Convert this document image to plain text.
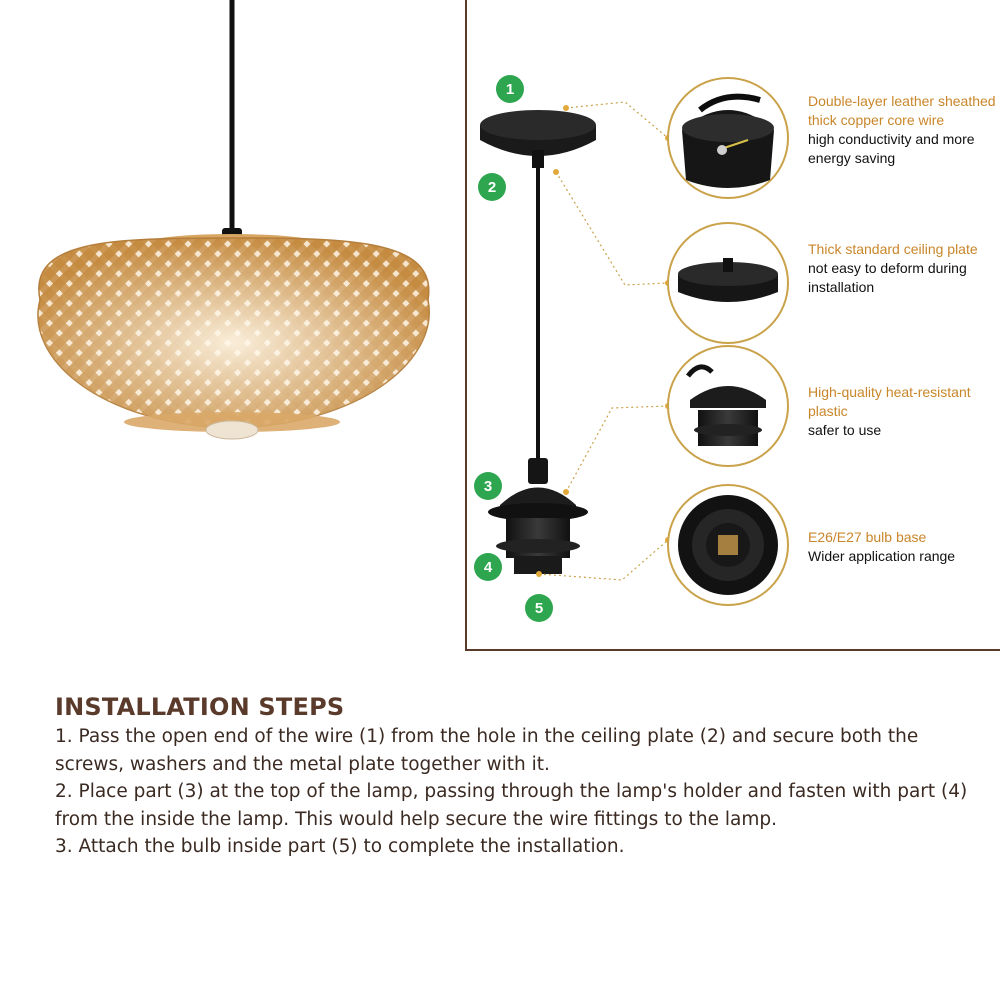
1
2
3
4
5
Double-layer leather sheathed thick copper core wire
high conductivity and more energy saving
Thick standard ceiling plate
not easy to deform during installation
High-quality heat-resistant plastic
safer to use
E26/E27 bulb base
Wider application range
INSTALLATION STEPS

1. Pass the open end of the wire (1) from the hole in the ceiling plate (2) and secure both the screws, washers and the metal plate together with it.

2. Place part (3) at the top of the lamp, passing through the lamp's holder and fasten with part (4) from the inside the lamp. This would help secure the wire fittings to the lamp.

3. Attach the bulb inside part (5) to complete the installation.
